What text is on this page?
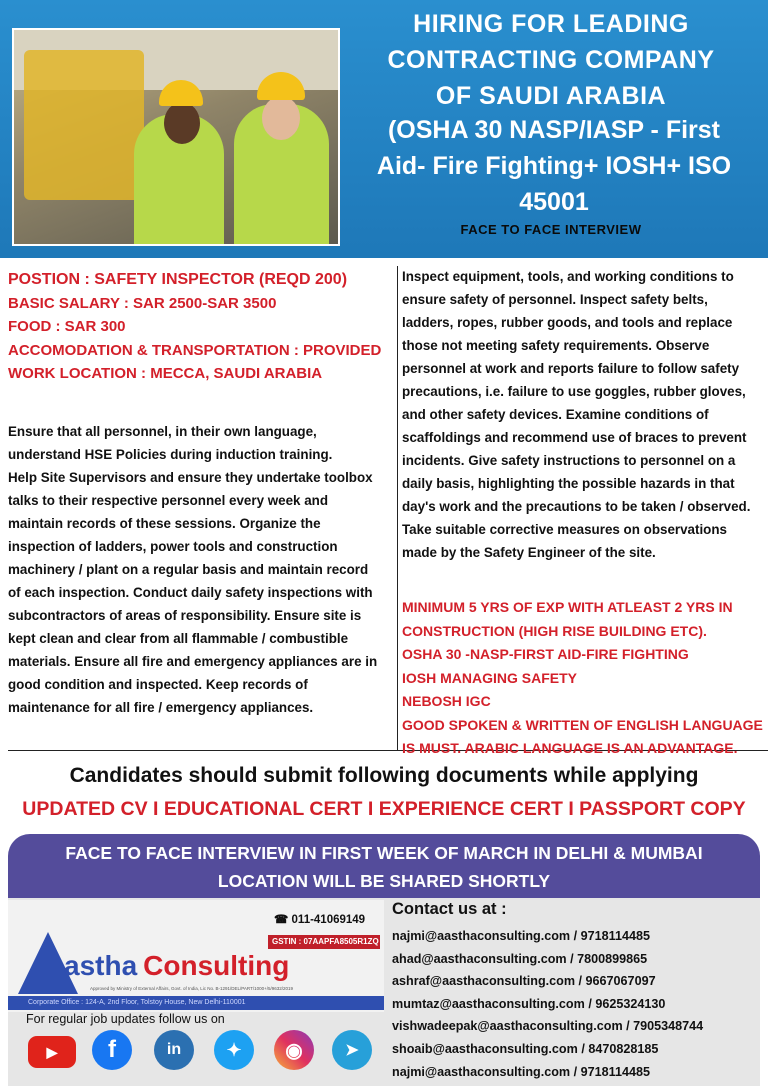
HIRING FOR LEADING
CONTRACTING COMPANY
OF SAUDI ARABIA
(OSHA 30 NASP/IASP - First
Aid- Fire Fighting+ IOSH+ ISO
45001
FACE TO FACE INTERVIEW
POSTION : SAFETY INSPECTOR (REQD 200)
BASIC SALARY : SAR 2500-SAR 3500
FOOD : SAR 300
ACCOMODATION & TRANSPORTATION : PROVIDED
WORK LOCATION : MECCA, SAUDI ARABIA
Ensure that all personnel, in their own language,
understand HSE Policies during induction training.
Help Site Supervisors and ensure they undertake toolbox
talks to their respective personnel every week and
maintain records of these sessions. Organize the
inspection of ladders, power tools and construction
machinery / plant on a regular basis and maintain record
of each inspection. Conduct daily safety inspections with
subcontractors of areas of responsibility. Ensure site is
kept clean and clear from all flammable / combustible
materials. Ensure all fire and emergency appliances are in
good condition and inspected. Keep records of
maintenance for all fire / emergency appliances.
Inspect equipment, tools, and working conditions to
ensure safety of personnel. Inspect safety belts,
ladders, ropes, rubber goods, and tools and replace
those not meeting safety requirements. Observe
personnel at work and reports failure to follow safety
precautions, i.e. failure to use goggles, rubber gloves,
and other safety devices. Examine conditions of
scaffoldings and recommend use of braces to prevent
incidents. Give safety instructions to personnel on a
daily basis, highlighting the possible hazards in that
day's work and the precautions to be taken / observed.
Take suitable corrective measures on observations
made by the Safety Engineer of the site.
MINIMUM 5 YRS OF EXP WITH ATLEAST 2 YRS IN
CONSTRUCTION (HIGH RISE BUILDING ETC).
OSHA 30 -NASP-FIRST AID-FIRE FIGHTING
IOSH MANAGING SAFETY
NEBOSH IGC
GOOD SPOKEN & WRITTEN OF ENGLISH LANGUAGE
IS MUST. ARABIC LANGUAGE IS AN ADVANTAGE.
Candidates should submit following documents while applying
UPDATED CV I EDUCATIONAL CERT I EXPERIENCE CERT I PASSPORT COPY
FACE TO FACE INTERVIEW IN FIRST WEEK OF MARCH IN DELHI & MUMBAI
LOCATION WILL BE SHARED SHORTLY
☎ 011-41069149
GSTIN : 07AAPFA8505R1ZQ
astha Consulting
Approved by Ministry of External Affairs, Govt. of India, Lic No. B-1291/DEL/PART/1000+/5/9632/2019
Corporate Office : 124-A, 2nd Floor, Tolstoy House, New Delhi-110001
For regular job updates follow us on
▶	f	in	✦	◉	➤
Contact us at :
najmi@aasthaconsulting.com / 9718114485
ahad@aasthaconsulting.com / 7800899865
ashraf@aasthaconsulting.com / 9667067097
mumtaz@aasthaconsulting.com / 9625324130
vishwadeepak@aasthaconsulting.com / 7905348744
shoaib@aasthaconsulting.com / 8470828185
najmi@aasthaconsulting.com / 9718114485
